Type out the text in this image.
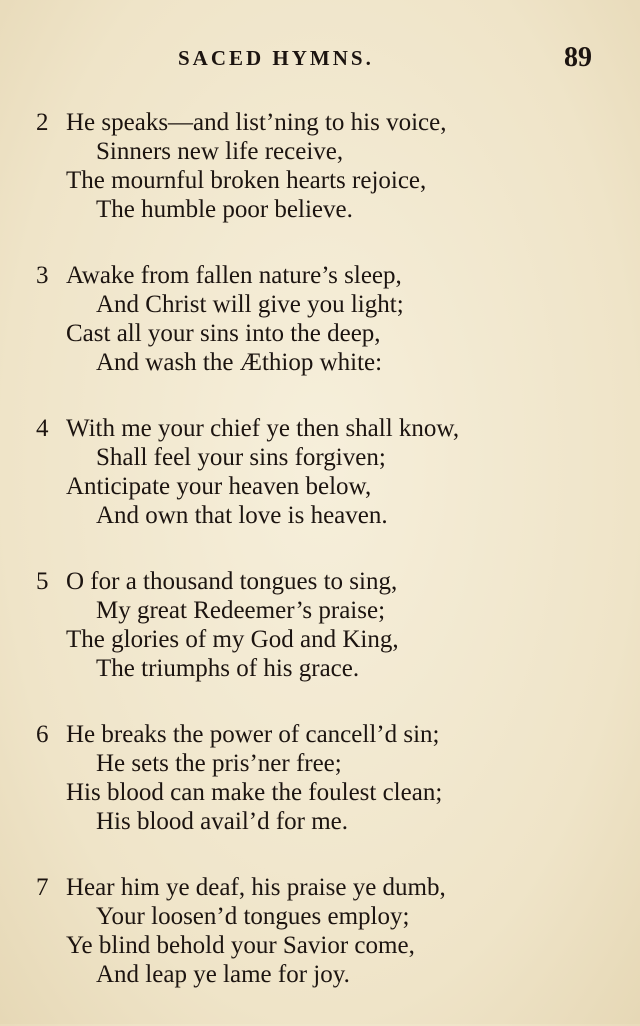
SACED HYMNS.	89
2 He speaks—and list’ning to his voice,
Sinners new life receive,
The mournful broken hearts rejoice,
The humble poor believe.
3 Awake from fallen nature’s sleep,
And Christ will give you light;
Cast all your sins into the deep,
And wash the Æthiop white:
4 With me your chief ye then shall know,
Shall feel your sins forgiven;
Anticipate your heaven below,
And own that love is heaven.
5 O for a thousand tongues to sing,
My great Redeemer’s praise;
The glories of my God and King,
The triumphs of his grace.
6 He breaks the power of cancell’d sin;
He sets the pris’ner free;
His blood can make the foulest clean;
His blood avail’d for me.
7 Hear him ye deaf, his praise ye dumb,
Your loosen’d tongues employ;
Ye blind behold your Savior come,
And leap ye lame for joy.
